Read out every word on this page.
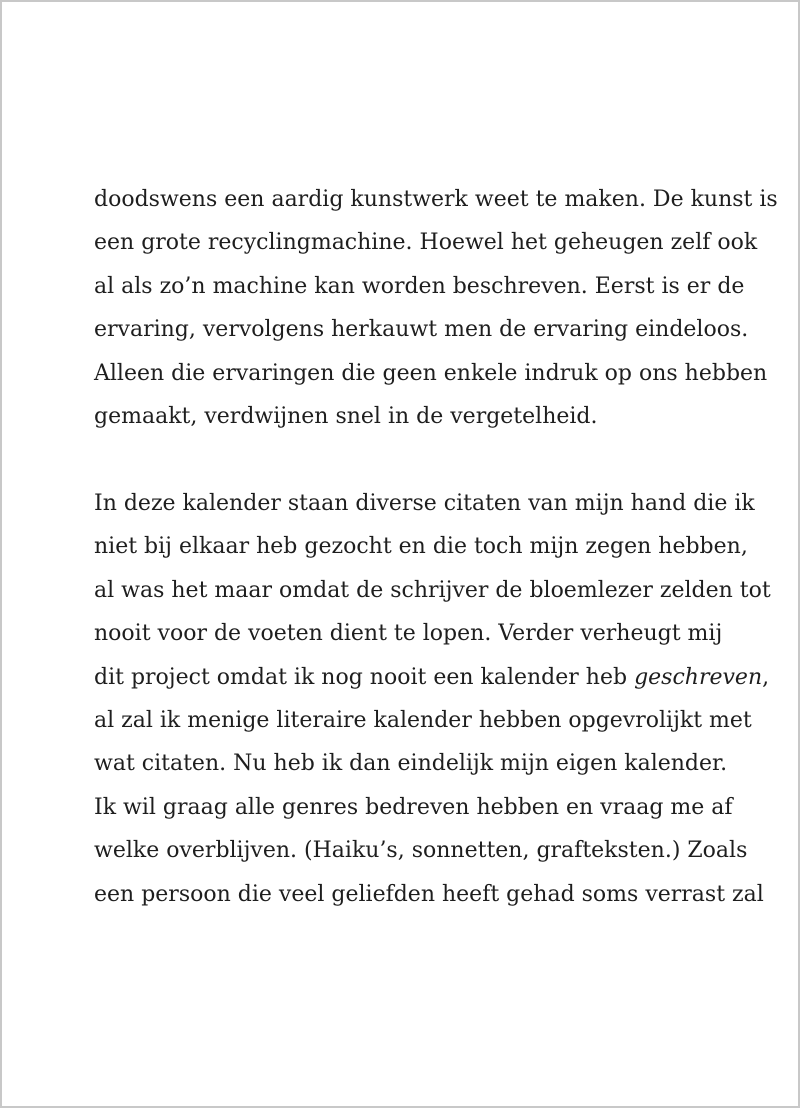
doodswens een aardig kunstwerk weet te maken. De kunst is
een grote recyclingmachine. Hoewel het geheugen zelf ook
al als zo’n machine kan worden beschreven. Eerst is er de
ervaring, vervolgens herkauwt men de ervaring eindeloos.
Alleen die ervaringen die geen enkele indruk op ons hebben
gemaakt, verdwijnen snel in de vergetelheid.
In deze kalender staan diverse citaten van mijn hand die ik
niet bij elkaar heb gezocht en die toch mijn zegen hebben,
al was het maar omdat de schrijver de bloemlezer zelden tot
nooit voor de voeten dient te lopen. Verder verheugt mij
dit project omdat ik nog nooit een kalender heb geschreven,
al zal ik menige literaire kalender hebben opgevrolijkt met
wat citaten. Nu heb ik dan eindelijk mijn eigen kalender.
Ik wil graag alle genres bedreven hebben en vraag me af
welke overblijven. (Haiku’s, sonnetten, grafteksten.) Zoals
een persoon die veel geliefden heeft gehad soms verrast zal
